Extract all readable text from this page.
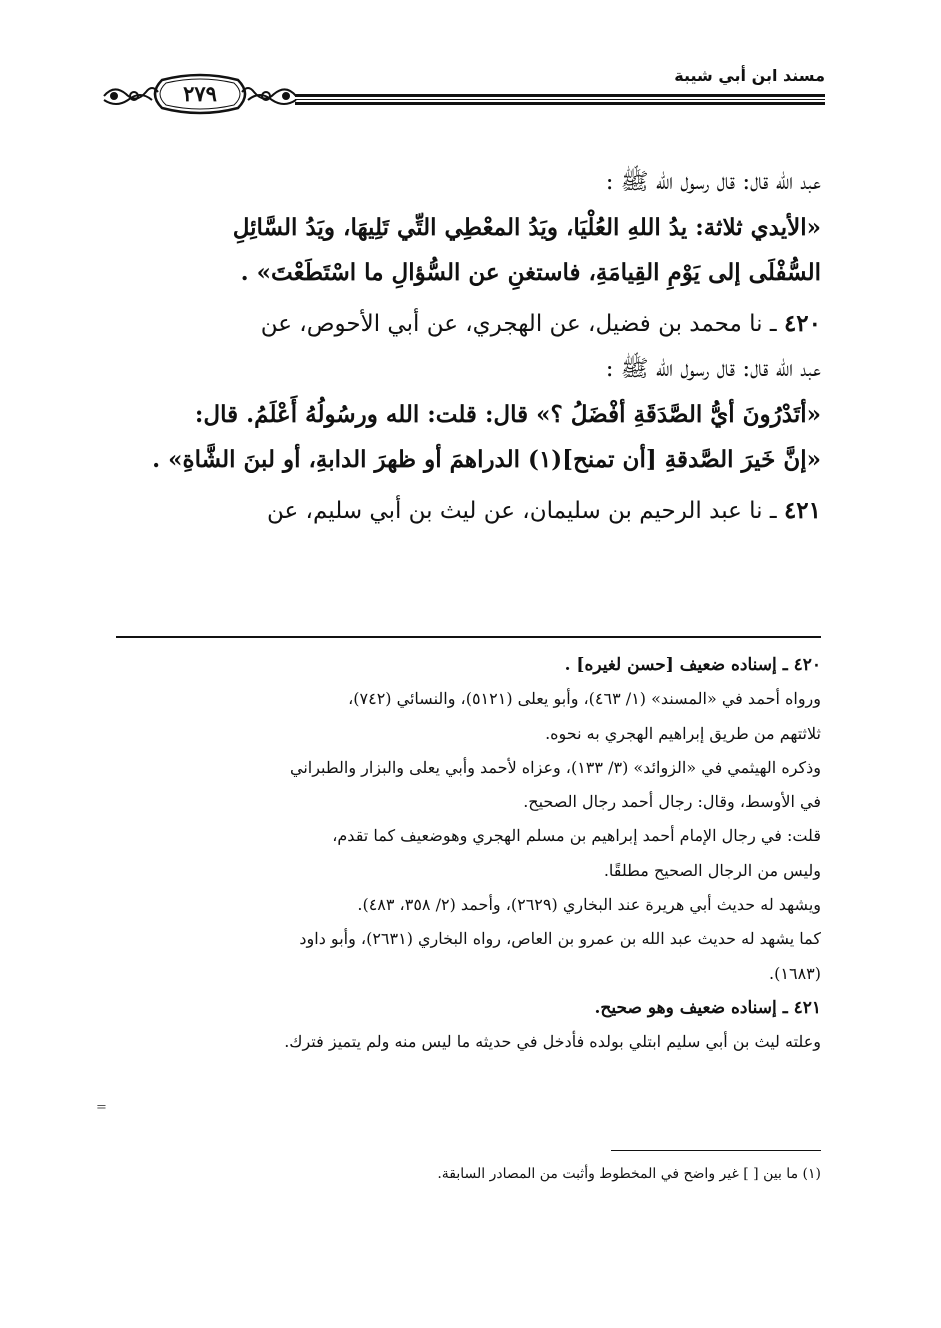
مسند ابن أبي شيبة
٢٧٩

عبد الله قال: قال رسول الله ﷺ :

«الأيدي ثلاثة: يدُ اللهِ العُلْيَا، ويَدُ المعْطِي التِّي تَلِيهَا، ويَدُ السَّائِلِ

السُّفْلَى إلى يَوْمِ القِيامَةِ، فاستغنِ عن السُّؤالِ ما اسْتَطَعْتَ» .

٤٢٠ ـ نا محمد بن فضيل، عن الهجري، عن أبي الأحوص، عن

عبد الله قال: قال رسول الله ﷺ :

«أتَدْرُونَ أيُّ الصَّدَقَةِ أفْضَلُ ؟» قال: قلت: الله ورسُولُهُ أَعْلَمُ. قال:

«إنَّ خَيرَ الصَّدقةِ [أن تمنح](١) الدراهمَ أو ظهرَ الدابةِ، أو لبنَ الشَّاةِ» .

٤٢١ ـ نا عبد الرحيم بن سليمان، عن ليث بن أبي سليم، عن

٤٢٠ ـ إسناده ضعيف [حسن لغيره] .

ورواه أحمد في «المسند» (١/ ٤٦٣)، وأبو يعلى (٥١٢١)، والنسائي (٧٤٢)،

ثلاثتهم من طريق إبراهيم الهجري به نحوه.

وذكره الهيثمي في «الزوائد» (٣/ ١٣٣)، وعزاه لأحمد وأبي يعلى والبزار والطبراني

في الأوسط، وقال: رجال أحمد رجال الصحيح.

قلت: في رجال الإمام أحمد إبراهيم بن مسلم الهجري وهوضعيف كما تقدم،

وليس من الرجال الصحيح مطلقًا.

ويشهد له حديث أبي هريرة عند البخاري (٢٦٢٩)، وأحمد (٢/ ٣٥٨، ٤٨٣).

كما يشهد له حديث عبد الله بن عمرو بن العاص، رواه البخاري (٢٦٣١)، وأبو داود

(١٦٨٣).

٤٢١ ـ إسناده ضعيف وهو صحيح.

وعلته ليث بن أبي سليم ابتلي بولده فأدخل في حديثه ما ليس منه ولم يتميز فترك.

=
(١) ما بين [ ] غير واضح في المخطوط وأثبت من المصادر السابقة.
